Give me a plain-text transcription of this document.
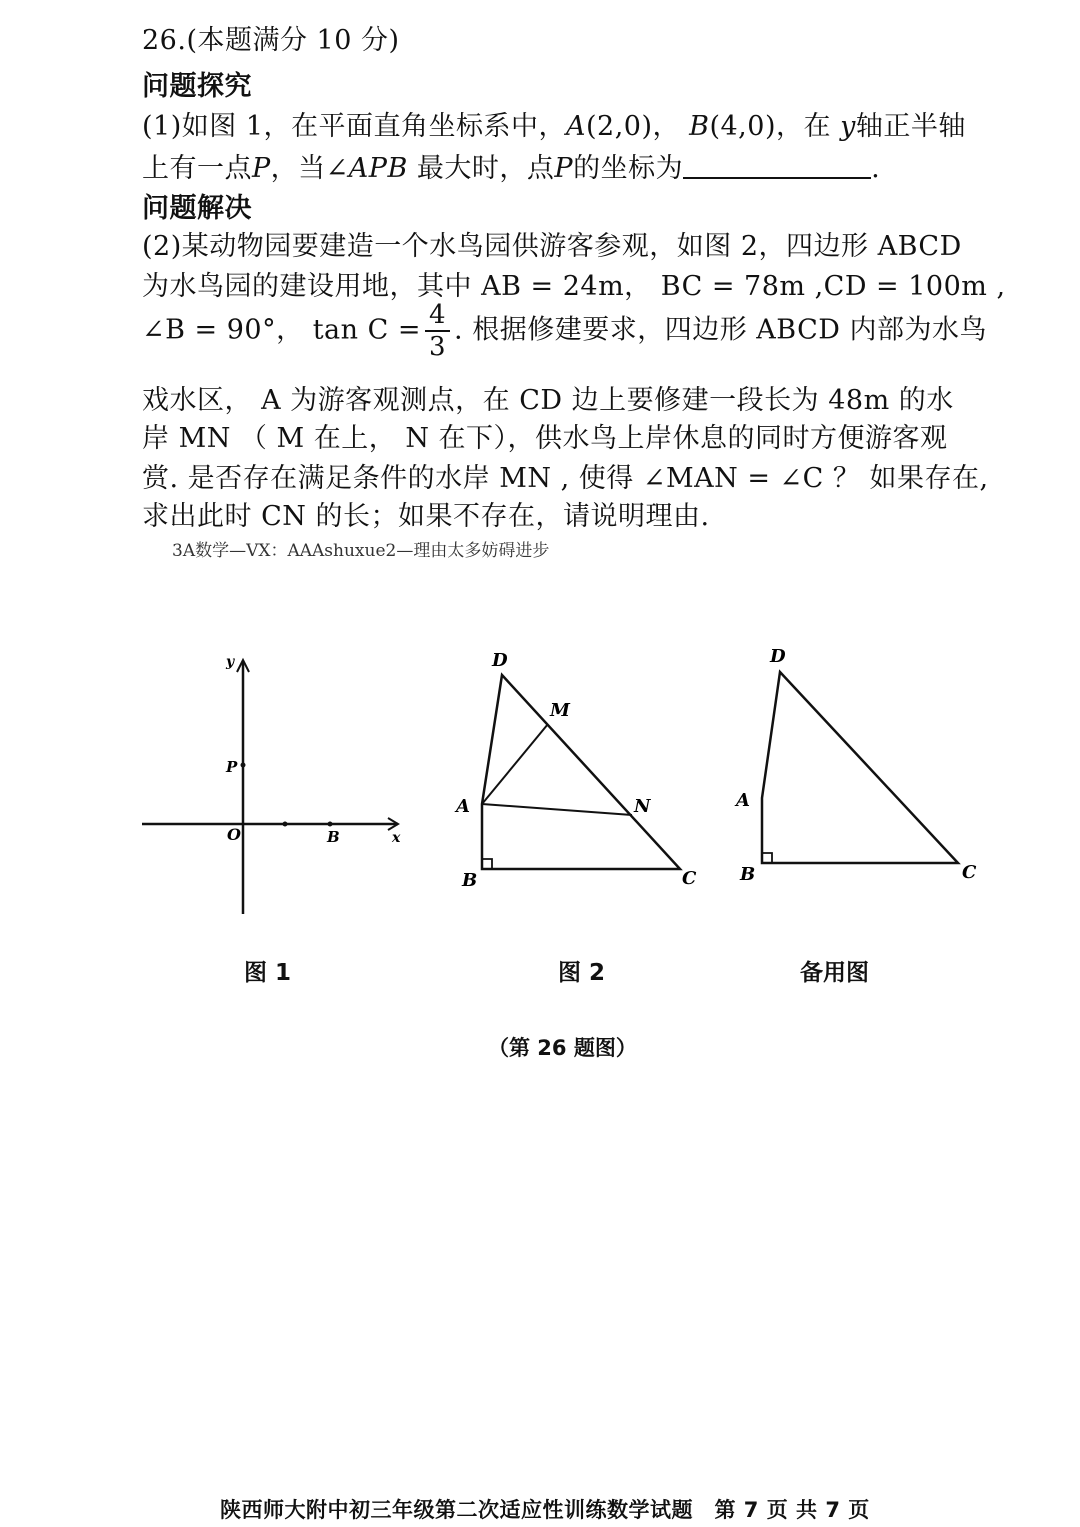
26.(本题满分 10 分)
问题探究
(1)如图 1，在平面直角坐标系中，A(2,0)， B(4,0)，在 y轴正半轴
上有一点P，当∠APB 最大时，点P的坐标为	.
问题解决
(2)某动物园要建造一个水鸟园供游客参观，如图 2，四边形 ABCD
为水鸟园的建设用地，其中 AB = 24m， BC = 78m ,CD = 100m ,
∠B = 90°， $\tan C = \frac{4}{3}$ . 根据修建要求，四边形 ABCD 内部为水鸟
戏水区， A 为游客观测点，在 CD 边上要修建一段长为 48m 的水
岸 MN （ M 在上， N 在下），供水鸟上岸休息的同时方便游客观
赏. 是否存在满足条件的水岸 MN , 使得 ∠MAN = ∠C ？ 如果存在,
求出此时 CN 的长；如果不存在，请说明理由.
3A数学—VX：AAAshuxue2—理由太多妨碍进步
y
P
O	B	x
图 1
D
M
A	N
B	C
图 2
D
A
B	C
备用图
（第 26 题图）
陕西师大附中初三年级第二次适应性训练数学试题　第 7 页 共 7 页
